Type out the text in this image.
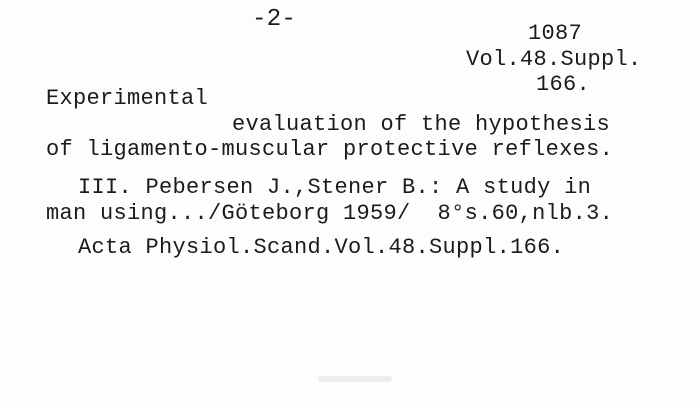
-2-
1087
Vol.48.Suppl.
166.
Experimental
evaluation of the hypothesis
of ligamento-muscular protective reflexes.
III. Pebersen J.,Stener B.: A study in
man using.../Göteborg 1959/  8°s.60,nlb.3.
Acta Physiol.Scand.Vol.48.Suppl.166.
